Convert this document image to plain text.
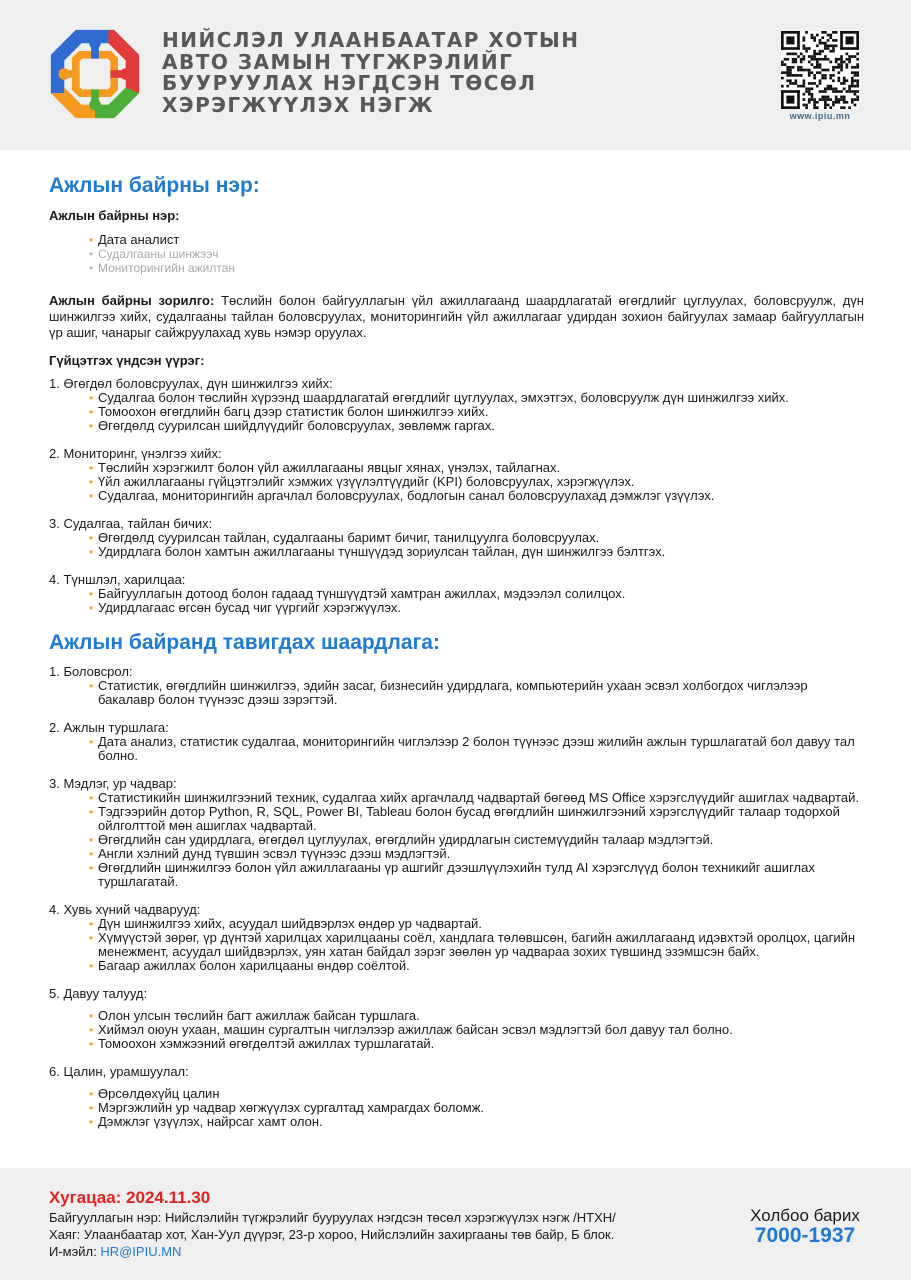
НИЙСЛЭЛ УЛААНБААТАР ХОТЫН
АВТО ЗАМЫН ТҮГЖРЭЛИЙГ
БУУРУУЛАХ НЭГДСЭН ТӨСӨЛ
ХЭРЭГЖҮҮЛЭХ НЭГЖ	www.ipiu.mn
Ажлын байрны нэр:
Ажлын байрны нэр:
• Дата аналист
• Судалгааны шинжээч
• Мониторингийн ажилтан
Ажлын байрны зорилго: Төслийн болон байгууллагын үйл ажиллагаанд шаардлагатай өгөгдлийг цуглуулах, боловсруулж, дүн шинжилгээ хийх, судалгааны тайлан боловсруулах, мониторингийн үйл ажиллагааг удирдан зохион байгуулах замаар байгууллагын үр ашиг, чанарыг сайжруулахад хувь нэмэр оруулах.
Гүйцэтгэх үндсэн үүрэг:
1. Өгөгдөл боловсруулах, дүн шинжилгээ хийх:
• Судалгаа болон төслийн хүрээнд шаардлагатай өгөгдлийг цуглуулах, эмхэтгэх, боловсруулж дүн шинжилгээ хийх.
• Томоохон өгөгдлийн багц дээр статистик болон шинжилгээ хийх.
• Өгөгдөлд суурилсан шийдлүүдийг боловсруулах, зөвлөмж гаргах.
2. Мониторинг, үнэлгээ хийх:
• Төслийн хэрэгжилт болон үйл ажиллагааны явцыг хянах, үнэлэх, тайлагнах.
• Үйл ажиллагааны гүйцэтгэлийг хэмжих үзүүлэлтүүдийг (KPI) боловсруулах, хэрэгжүүлэх.
• Судалгаа, мониторингийн аргачлал боловсруулах, бодлогын санал боловсруулахад дэмжлэг үзүүлэх.
3. Судалгаа, тайлан бичих:
• Өгөгдөлд суурилсан тайлан, судалгааны баримт бичиг, танилцуулга боловсруулах.
• Удирдлага болон хамтын ажиллагааны түншүүдэд зориулсан тайлан, дүн шинжилгээ бэлтгэх.
4. Түншлэл, харилцаа:
• Байгууллагын дотоод болон гадаад түншүүдтэй хамтран ажиллах, мэдээлэл солилцох.
• Удирдлагаас өгсөн бусад чиг үүргийг хэрэгжүүлэх.
Ажлын байранд тавигдах шаардлага:
1. Боловсрол:
• Статистик, өгөгдлийн шинжилгээ, эдийн засаг, бизнесийн удирдлага, компьютерийн ухаан эсвэл холбогдох чиглэлээр бакалавр болон түүнээс дээш зэрэгтэй.
2. Ажлын туршлага:
• Дата анализ, статистик судалгаа, мониторингийн чиглэлээр 2 болон түүнээс дээш жилийн ажлын туршлагатай бол давуу тал болно.
3. Мэдлэг, ур чадвар:
• Статистикийн шинжилгээний техник, судалгаа хийх аргачлалд чадвартай бөгөөд MS Office хэрэгслүүдийг ашиглах чадвартай.
• Тэдгээрийн дотор Python, R, SQL, Power BI, Tableau болон бусад өгөгдлийн шинжилгээний хэрэгслүүдийг талаар тодорхой ойлголттой мөн ашиглах чадвартай.
• Өгөгдлийн сан удирдлага, өгөгдөл цуглуулах, өгөгдлийн удирдлагын системүүдийн талаар мэдлэгтэй.
• Англи хэлний дунд түвшин эсвэл түүнээс дээш мэдлэгтэй.
• Өгөгдлийн шинжилгээ болон үйл ажиллагааны үр ашгийг дээшлүүлэхийн тулд AI хэрэгслүүд болон техникийг ашиглах туршлагатай.
4. Хувь хүний чадварууд:
• Дүн шинжилгээ хийх, асуудал шийдвэрлэх өндөр ур чадвартай.
• Хүмүүстэй зөрөг, үр дүнтэй харилцах харилцааны соёл, хандлага төлөвшсөн, багийн ажиллагаанд идэвхтэй оролцох, цагийн менежмент, асуудал шийдвэрлэх, уян хатан байдал зэрэг зөөлөн ур чадвараа зохих түвшинд эзэмшсэн байх.
• Багаар ажиллах болон харилцааны өндөр соёлтой.
5. Давуу талууд:
• Олон улсын төслийн багт ажиллаж байсан туршлага.
• Хиймэл оюун ухаан, машин сургалтын чиглэлээр ажиллаж байсан эсвэл мэдлэгтэй бол давуу тал болно.
• Томоохон хэмжээний өгөгдөлтэй ажиллах туршлагатай.
6. Цалин, урамшуулал:
• Өрсөлдөхүйц цалин
• Мэргэжлийн ур чадвар хөгжүүлэх сургалтад хамрагдах боломж.
• Дэмжлэг үзүүлэх, найрсаг хамт олон.
Хугацаа: 2024.11.30
Байгууллагын нэр: Нийслэлийн түгжрэлийг бууруулах нэгдсэн төсөл хэрэгжүүлэх нэгж /НТХН/
Хаяг: Улаанбаатар хот, Хан-Уул дүүрэг, 23-р хороо, Нийслэлийн захиргааны төв байр, Б блок.
И-мэйл: HR@IPIU.MN
Холбоо барих
7000-1937
